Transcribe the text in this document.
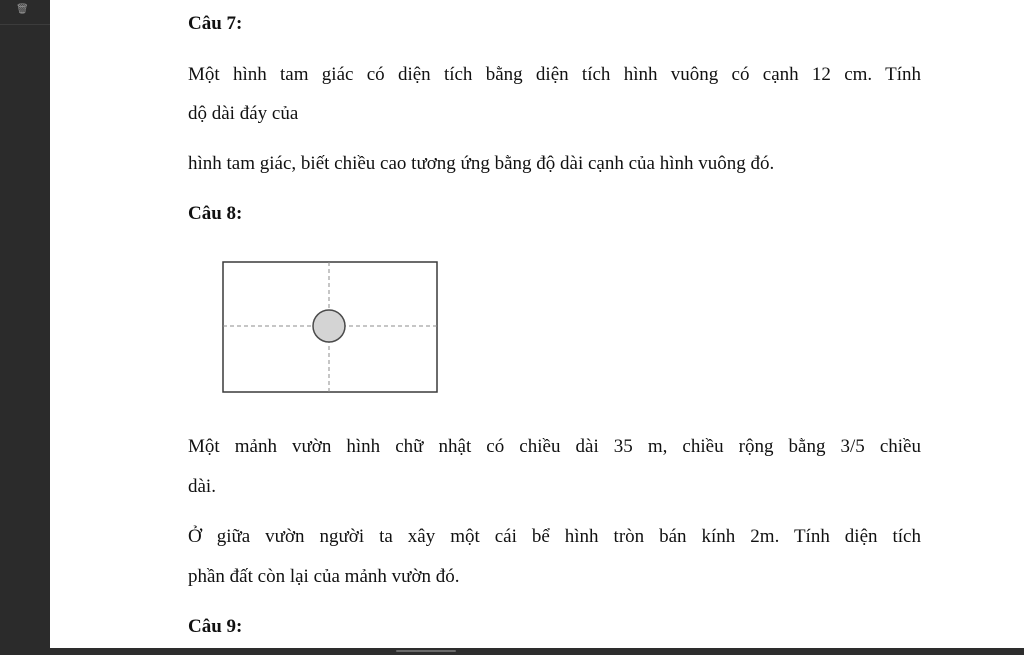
🗑

Câu 7:

Một hình tam giác có diện tích bằng diện tích hình vuông có cạnh 12 cm. Tính

dộ dài đáy của

hình tam giác, biết chiều cao tương ứng bằng độ dài cạnh của hình vuông đó.

Câu 8:

Một mảnh vườn hình chữ nhật có chiều dài 35 m, chiều rộng bằng 3/5 chiều

dài.

Ở giữa vườn người ta xây một cái bể hình tròn bán kính 2m. Tính diện tích

phần đất còn lại của mảnh vườn đó.

Câu 9:
